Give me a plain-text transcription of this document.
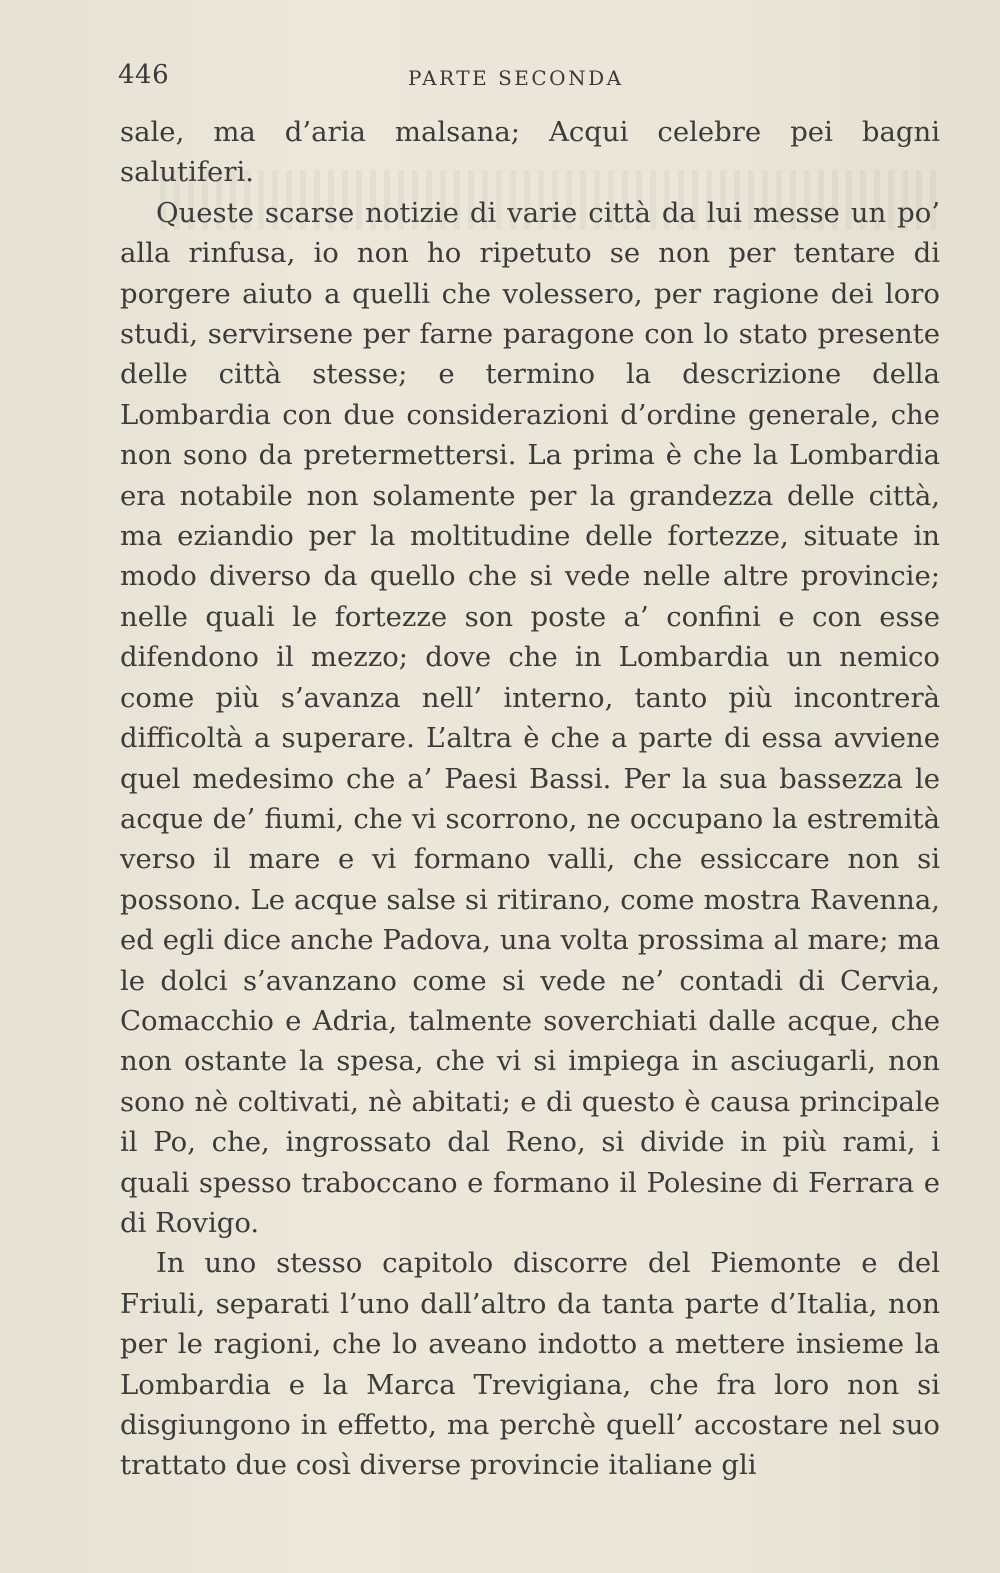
446	PARTE SECONDA

sale, ma d’aria malsana; Acqui celebre pei bagni salutiferi.

Queste scarse notizie di varie città da lui messe un po’ alla rinfusa, io non ho ripetuto se non per tentare di porgere aiuto a quelli che volessero, per ragione dei loro studi, servirsene per farne paragone con lo stato presente delle città stesse; e termino la descrizione della Lombardia con due considerazioni d’ordine generale, che non sono da pretermettersi. La prima è che la Lombardia era notabile non solamente per la grandezza delle città, ma eziandio per la moltitudine delle fortezze, situate in modo diverso da quello che si vede nelle altre provincie; nelle quali le fortezze son poste a’ confini e con esse difendono il mezzo; dove che in Lombardia un nemico come più s’avanza nell’ interno, tanto più incontrerà difficoltà a superare. L’altra è che a parte di essa avviene quel medesimo che a’ Paesi Bassi. Per la sua bassezza le acque de’ fiumi, che vi scorrono, ne occupano la estremità verso il mare e vi formano valli, che essiccare non si possono. Le acque salse si ritirano, come mostra Ravenna, ed egli dice anche Padova, una volta prossima al mare; ma le dolci s’avanzano come si vede ne’ contadi di Cervia, Comacchio e Adria, talmente soverchiati dalle acque, che non ostante la spesa, che vi si impiega in asciugarli, non sono nè coltivati, nè abitati; e di questo è causa principale il Po, che, ingrossato dal Reno, si divide in più rami, i quali spesso traboccano e formano il Polesine di Ferrara e di Rovigo.

In uno stesso capitolo discorre del Piemonte e del Friuli, separati l’uno dall’altro da tanta parte d’Italia, non per le ragioni, che lo aveano indotto a mettere insieme la Lombardia e la Marca Trevigiana, che fra loro non si disgiungono in effetto, ma perchè quell’ accostare nel suo trattato due così diverse provincie italiane gli
